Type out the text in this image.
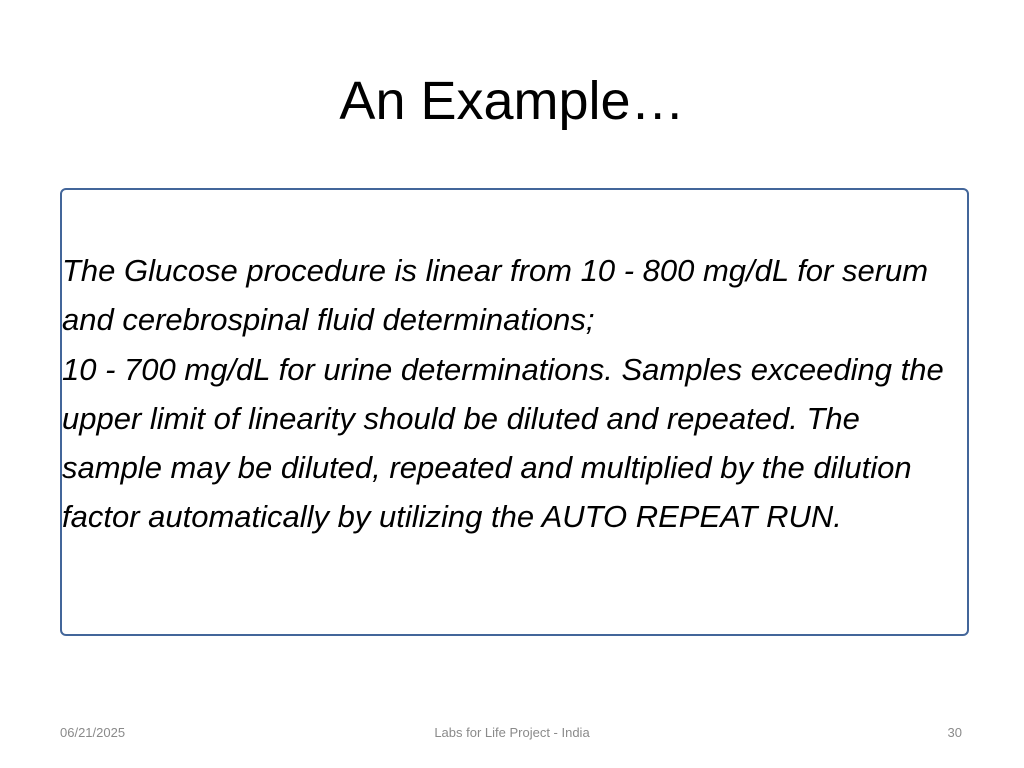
An Example…

The Glucose procedure is linear from 10 - 800 mg/dL for serum and cerebrospinal fluid determinations;

10 - 700 mg/dL for urine determinations. Samples exceeding the upper limit of linearity should be diluted and repeated. The sample may be diluted, repeated and multiplied by the dilution factor automatically by utilizing the AUTO REPEAT RUN.

06/21/2025	Labs for Life Project - India	30
